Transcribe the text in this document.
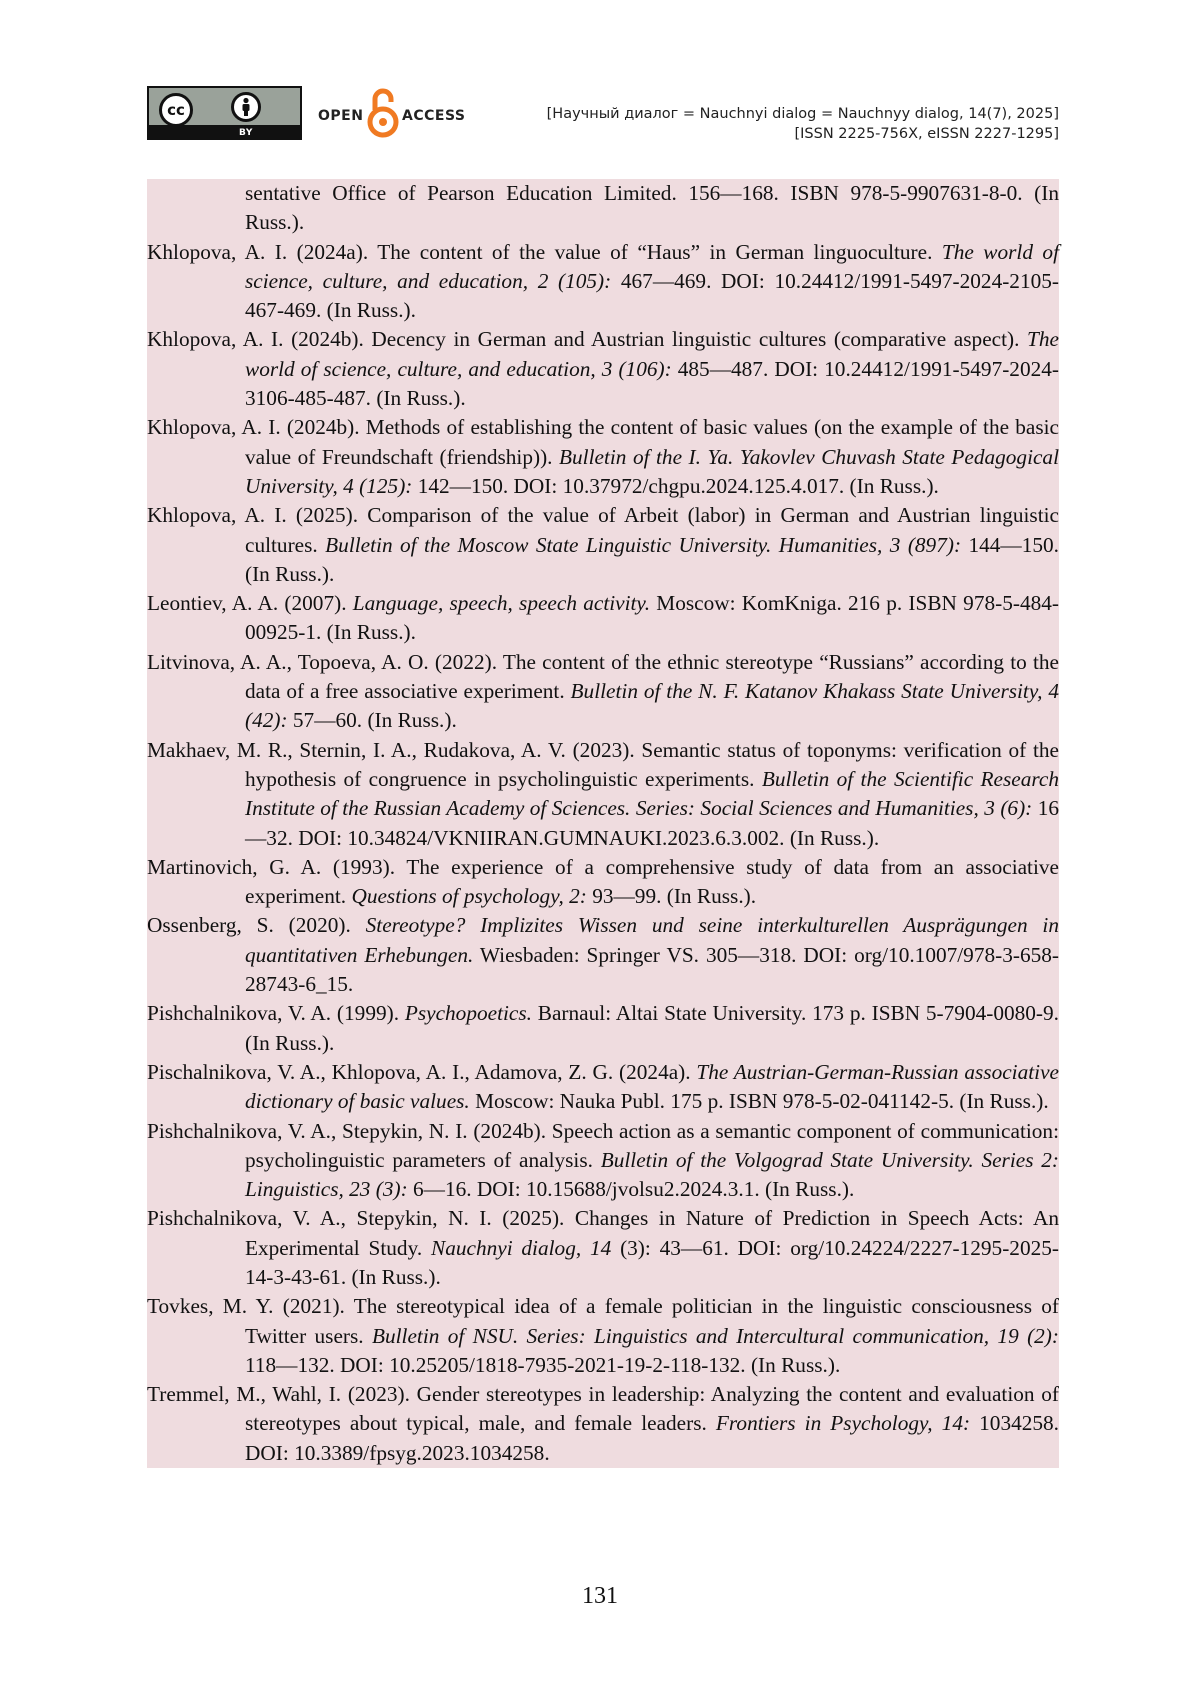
cc
BY
OPEN	ACCESS	[Научный диалог = Nauchnyi dialog = Nauchnyy dialog, 14(7), 2025]
[ISSN 2225-756X, eISSN 2227-1295]

sentative Office of Pearson Education Limited. 156—168. ISBN 978-5-9907631-8-0. (In Russ.).

Khlopova, A. I. (2024a). The content of the value of “Haus” in German linguoculture. The world of science, culture, and education, 2 (105): 467—469. DOI: 10.24412/1991-5497-2024-2105-467-469. (In Russ.).

Khlopova, A. I. (2024b). Decency in German and Austrian linguistic cultures (comparative aspect). The world of science, culture, and education, 3 (106): 485—487. DOI: 10.24412/1991-5497-2024-3106-485-487. (In Russ.).

Khlopova, A. I. (2024b). Methods of establishing the content of basic values (on the example of the basic value of Freundschaft (friendship)). Bulletin of the I. Ya. Yakovlev Chuvash State Pedagogical University, 4 (125): 142—150. DOI: 10.37972/chgpu.2024.125.4.017. (In Russ.).

Khlopova, A. I. (2025). Comparison of the value of Arbeit (labor) in German and Austrian linguistic cultures. Bulletin of the Moscow State Linguistic University. Humanities, 3 (897): 144—150. (In Russ.).

Leontiev, A. A. (2007). Language, speech, speech activity. Moscow: KomKniga. 216 p. ISBN 978-5-484-00925-1. (In Russ.).

Litvinova, A. A., Topoeva, A. O. (2022). The content of the ethnic stereotype “Russians” according to the data of a free associative experiment. Bulletin of the N. F. Katanov Khakass State University, 4 (42): 57—60. (In Russ.).

Makhaev, M. R., Sternin, I. A., Rudakova, A. V. (2023). Semantic status of toponyms: verification of the hypothesis of congruence in psycholinguistic experiments. Bulletin of the Scientific Research Institute of the Russian Academy of Sciences. Series: Social Sciences and Humanities, 3 (6): 16—32. DOI: 10.34824/VKNIIRAN.GUMNAUKI.2023.6.3.002. (In Russ.).

Martinovich, G. A. (1993). The experience of a comprehensive study of data from an associative experiment. Questions of psychology, 2: 93—99. (In Russ.).

Ossenberg, S. (2020). Stereotype? Implizites Wissen und seine interkulturellen Ausprägungen in quantitativen Erhebungen. Wiesbaden: Springer VS. 305—318. DOI: org/10.1007/978-3-658-28743-6_15.

Pishchalnikova, V. A. (1999). Psychopoetics. Barnaul: Altai State University. 173 p. ISBN 5-7904-0080-9. (In Russ.).

Pischalnikova, V. A., Khlopova, A. I., Adamova, Z. G. (2024a). The Austrian-German-Russian associative dictionary of basic values. Moscow: Nauka Publ. 175 p. ISBN 978-5-02-041142-5. (In Russ.).

Pishchalnikova, V. A., Stepykin, N. I. (2024b). Speech action as a semantic component of communication: psycholinguistic parameters of analysis. Bulletin of the Volgograd State University. Series 2: Linguistics, 23 (3): 6—16. DOI: 10.15688/jvolsu2.2024.3.1. (In Russ.).

Pishchalnikova, V. A., Stepykin, N. I. (2025). Changes in Nature of Prediction in Speech Acts: An Experimental Study. Nauchnyi dialog, 14 (3): 43—61. DOI: org/10.24224/2227-1295-2025-14-3-43-61. (In Russ.).

Tovkes, M. Y. (2021). The stereotypical idea of a female politician in the linguistic consciousness of Twitter users. Bulletin of NSU. Series: Linguistics and Intercultural communication, 19 (2): 118—132. DOI: 10.25205/1818-7935-2021-19-2-118-132. (In Russ.).

Tremmel, M., Wahl, I. (2023). Gender stereotypes in leadership: Analyzing the content and evaluation of stereotypes about typical, male, and female leaders. Frontiers in Psychology, 14: 1034258. DOI: 10.3389/fpsyg.2023.1034258.

131
